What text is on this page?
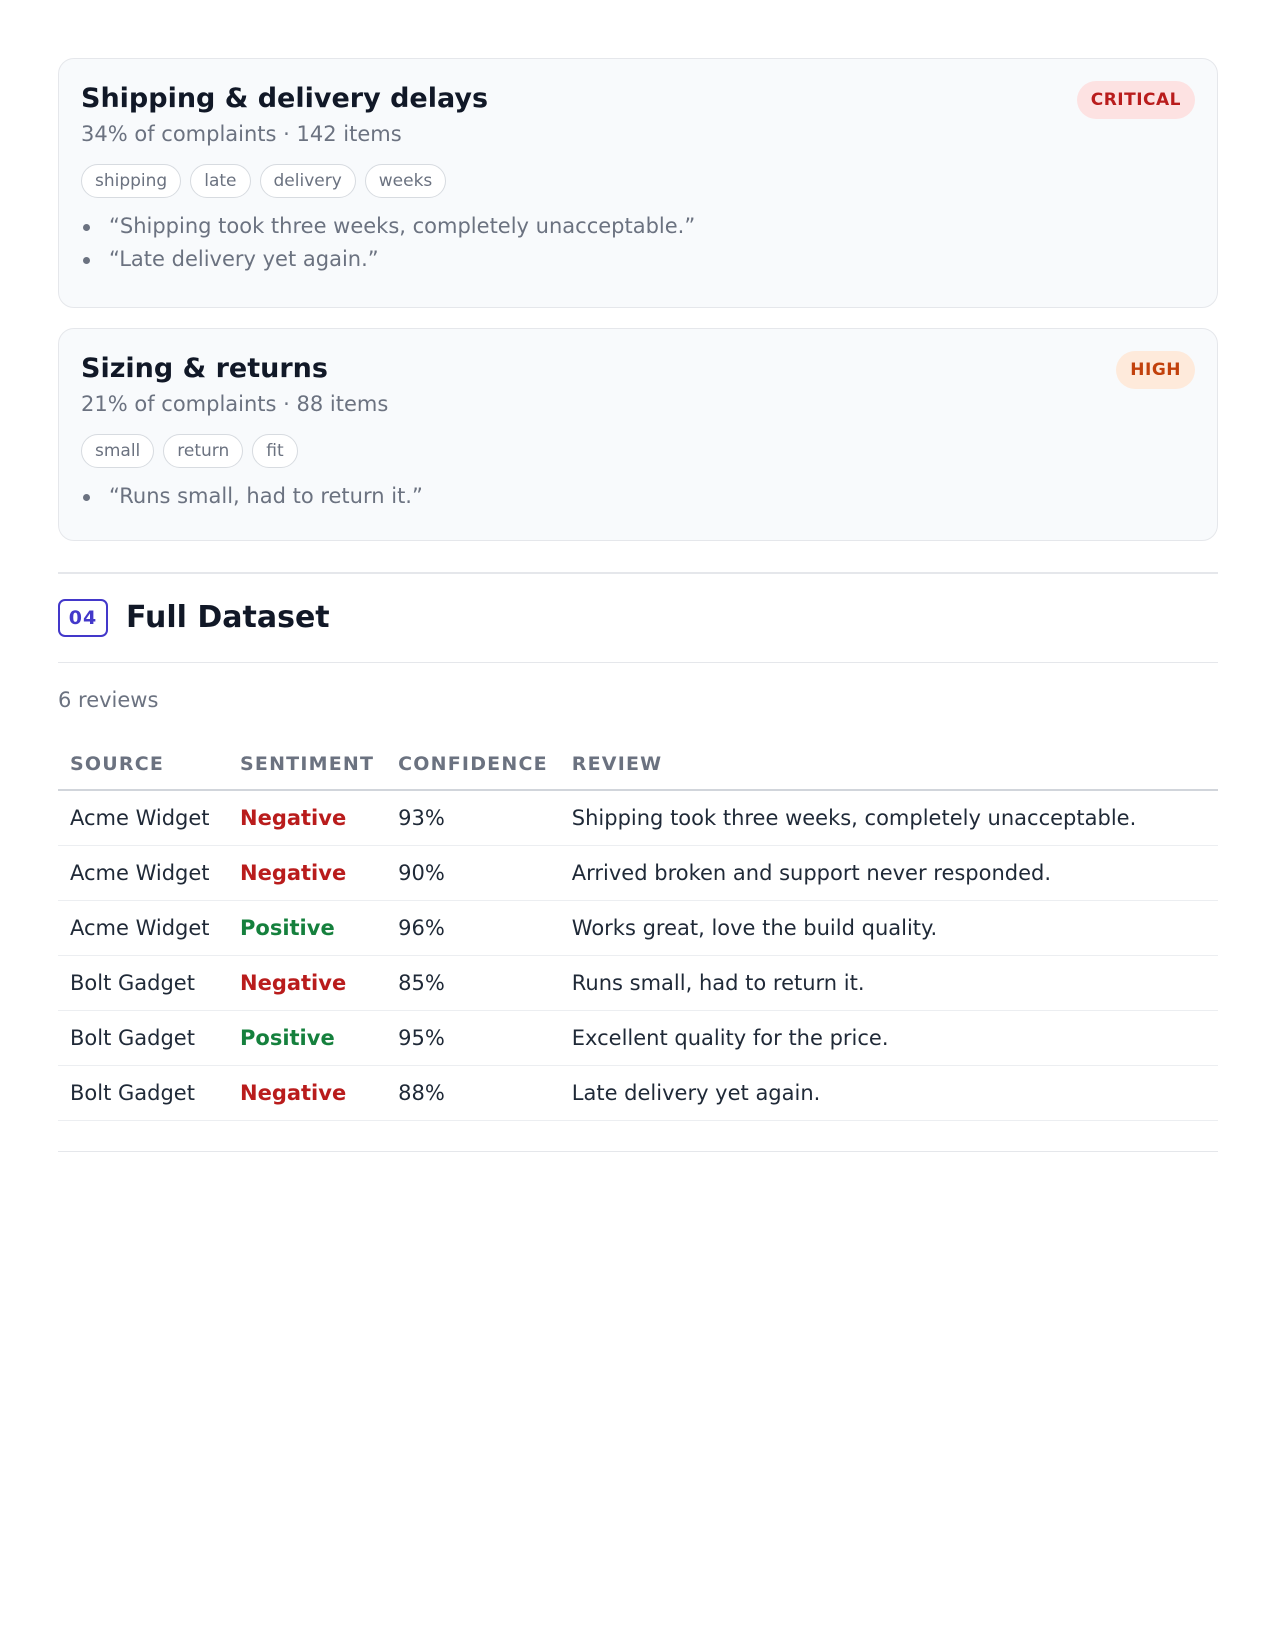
Shipping & delivery delays
34% of complaints · 142 items
CRITICAL
shipping	late	delivery	weeks
“Shipping took three weeks, completely unacceptable.”
“Late delivery yet again.”
Sizing & returns
21% of complaints · 88 items
HIGH
small	return	fit
“Runs small, had to return it.”
04 Full Dataset
6 reviews
SOURCE	SENTIMENT	CONFIDENCE	REVIEW
Acme Widget	Negative	93%	Shipping took three weeks, completely unacceptable.
Acme Widget	Negative	90%	Arrived broken and support never responded.
Acme Widget	Positive	96%	Works great, love the build quality.
Bolt Gadget	Negative	85%	Runs small, had to return it.
Bolt Gadget	Positive	95%	Excellent quality for the price.
Bolt Gadget	Negative	88%	Late delivery yet again.
